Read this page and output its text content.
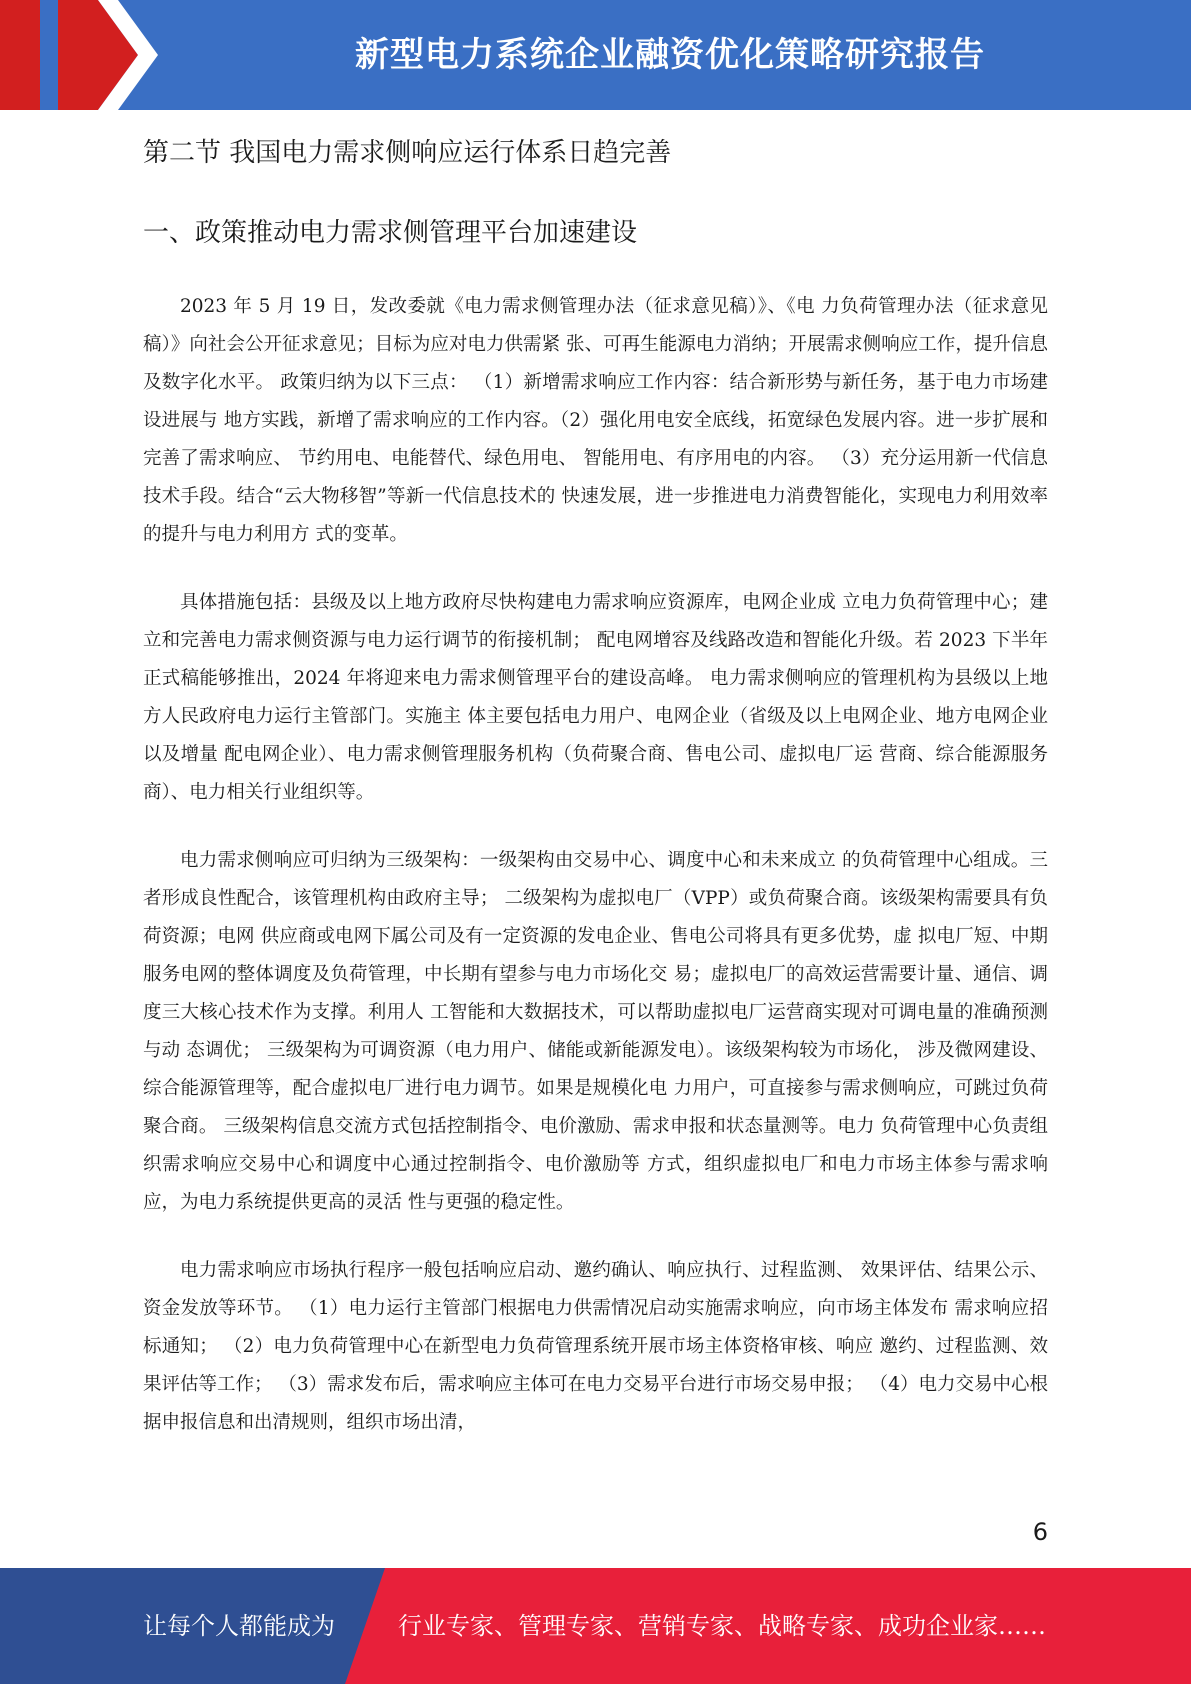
新型电力系统企业融资优化策略研究报告
第二节 我国电力需求侧响应运行体系日趋完善
一、政策推动电力需求侧管理平台加速建设

2023 年 5 月 19 日，发改委就《电力需求侧管理办法（征求意见稿）》、《电 力负荷管理办法（征求意见稿）》向社会公开征求意见；目标为应对电力供需紧 张、可再生能源电力消纳；开展需求侧响应工作，提升信息及数字化水平。 政策归纳为以下三点： （1）新增需求响应工作内容：结合新形势与新任务，基于电力市场建设进展与 地方实践，新增了需求响应的工作内容。（2）强化用电安全底线，拓宽绿色发展内容。进一步扩展和完善了需求响应、 节约用电、电能替代、绿色用电、 智能用电、有序用电的内容。 （3）充分运用新一代信息技术手段。结合“云大物移智”等新一代信息技术的 快速发展，进一步推进电力消费智能化，实现电力利用效率的提升与电力利用方 式的变革。

具体措施包括：县级及以上地方政府尽快构建电力需求响应资源库，电网企业成 立电力负荷管理中心；建立和完善电力需求侧资源与电力运行调节的衔接机制； 配电网增容及线路改造和智能化升级。若 2023 下半年正式稿能够推出，2024 年将迎来电力需求侧管理平台的建设高峰。 电力需求侧响应的管理机构为县级以上地方人民政府电力运行主管部门。实施主 体主要包括电力用户、电网企业（省级及以上电网企业、地方电网企业以及增量 配电网企业）、电力需求侧管理服务机构（负荷聚合商、售电公司、虚拟电厂运 营商、综合能源服务商）、电力相关行业组织等。

电力需求侧响应可归纳为三级架构：一级架构由交易中心、调度中心和未来成立 的负荷管理中心组成。三者形成良性配合，该管理机构由政府主导； 二级架构为虚拟电厂（VPP）或负荷聚合商。该级架构需要具有负荷资源；电网 供应商或电网下属公司及有一定资源的发电企业、售电公司将具有更多优势，虚 拟电厂短、中期服务电网的整体调度及负荷管理，中长期有望参与电力市场化交 易；虚拟电厂的高效运营需要计量、通信、调度三大核心技术作为支撑。利用人 工智能和大数据技术，可以帮助虚拟电厂运营商实现对可调电量的准确预测与动 态调优； 三级架构为可调资源（电力用户、储能或新能源发电）。该级架构较为市场化， 涉及微网建设、综合能源管理等，配合虚拟电厂进行电力调节。如果是规模化电 力用户，可直接参与需求侧响应，可跳过负荷聚合商。 三级架构信息交流方式包括控制指令、电价激励、需求申报和状态量测等。电力 负荷管理中心负责组织需求响应交易中心和调度中心通过控制指令、电价激励等 方式，组织虚拟电厂和电力市场主体参与需求响应，为电力系统提供更高的灵活 性与更强的稳定性。

电力需求响应市场执行程序一般包括响应启动、邀约确认、响应执行、过程监测、 效果评估、结果公示、资金发放等环节。 （1）电力运行主管部门根据电力供需情况启动实施需求响应，向市场主体发布 需求响应招标通知； （2）电力负荷管理中心在新型电力负荷管理系统开展市场主体资格审核、响应 邀约、过程监测、效果评估等工作； （3）需求发布后，需求响应主体可在电力交易平台进行市场交易申报； （4）电力交易中心根据申报信息和出清规则，组织市场出清，

6
让每个人都能成为	行业专家、管理专家、营销专家、战略专家、成功企业家……
